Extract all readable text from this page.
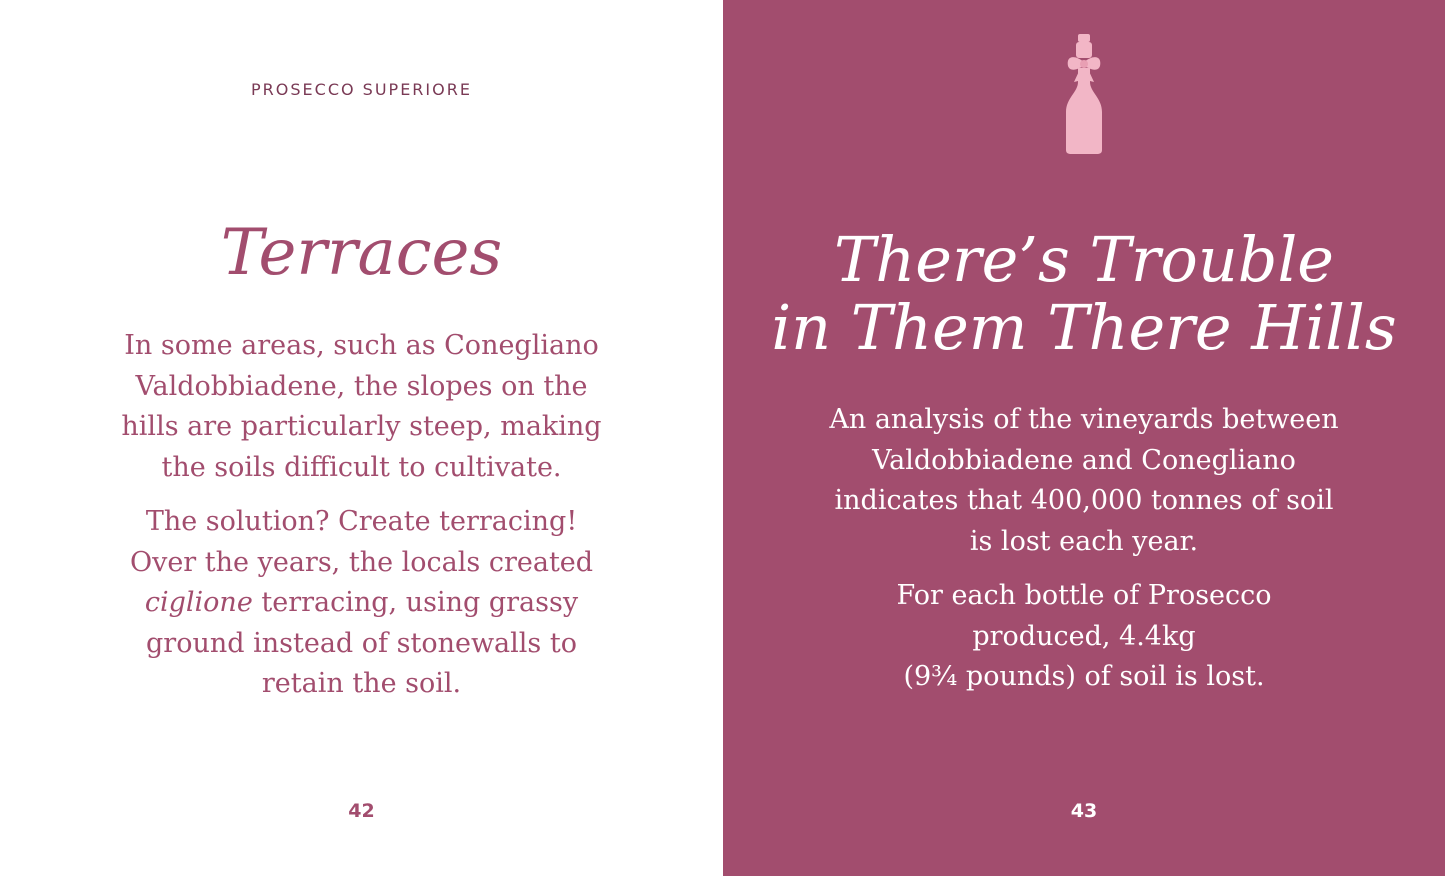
PROSECCO SUPERIORE
Terraces

In some areas, such as Conegliano Valdobbiadene, the slopes on the hills are particularly steep, making the soils difficult to cultivate.

The solution? Create terracing! Over the years, the locals created ciglione terracing, using grassy ground instead of stonewalls to retain the soil.

42
There’s Trouble
in Them There Hills

An analysis of the vineyards between Valdobbiadene and Conegliano indicates that 400,000 tonnes of soil is lost each year.

For each bottle of Prosecco produced, 4.4kg
(9¾ pounds) of soil is lost.

43
